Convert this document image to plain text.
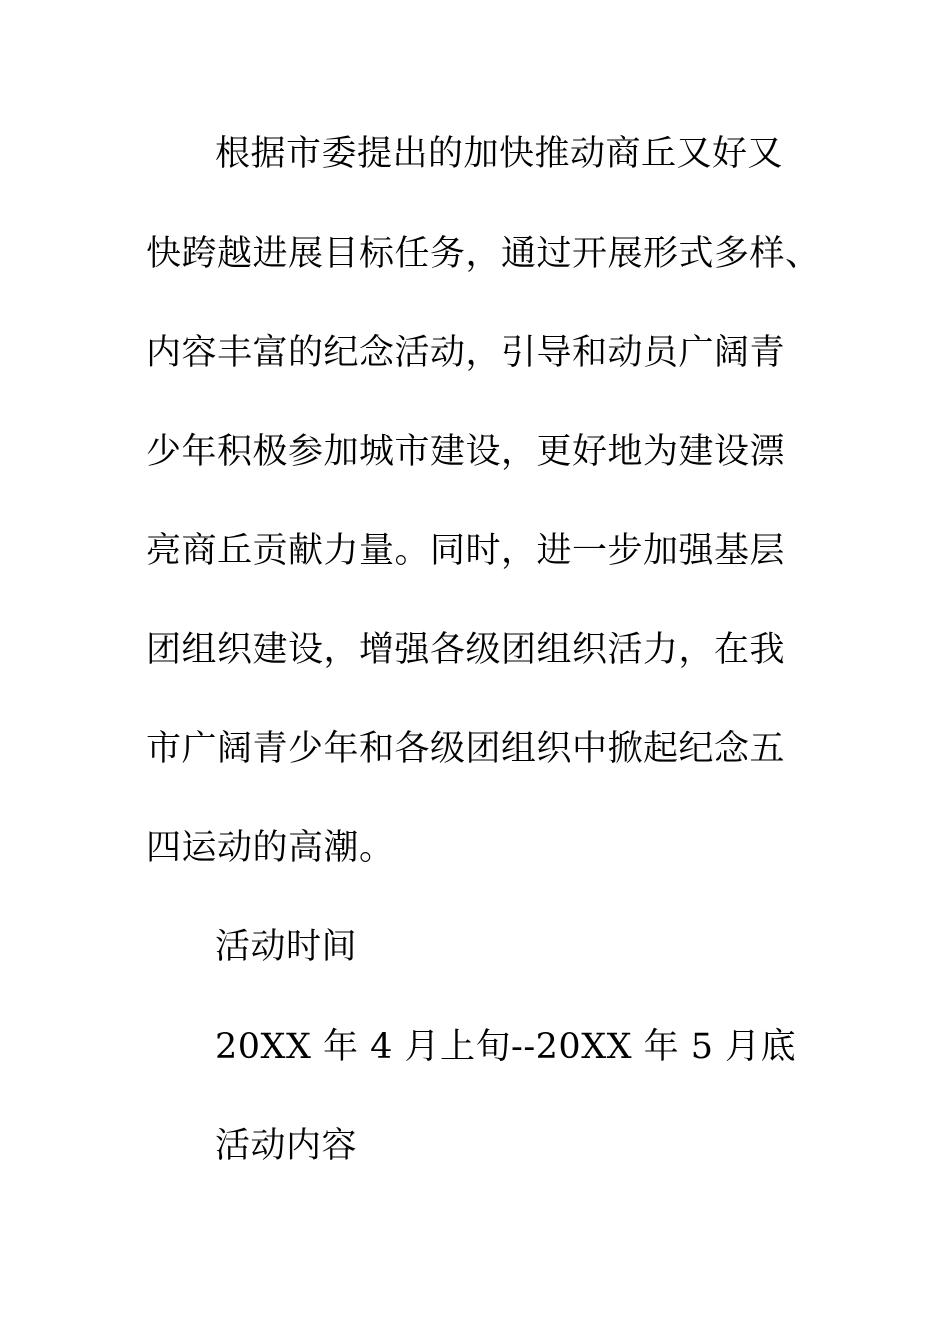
根据市委提出的加快推动商丘又好又
快跨越进展目标任务，通过开展形式多样、
内容丰富的纪念活动，引导和动员广阔青
少年积极参加城市建设，更好地为建设漂
亮商丘贡献力量。同时，进一步加强基层
团组织建设，增强各级团组织活力，在我
市广阔青少年和各级团组织中掀起纪念五
四运动的高潮。
活动时间
20XX 年 4 月上旬--20XX 年 5 月底
活动内容
